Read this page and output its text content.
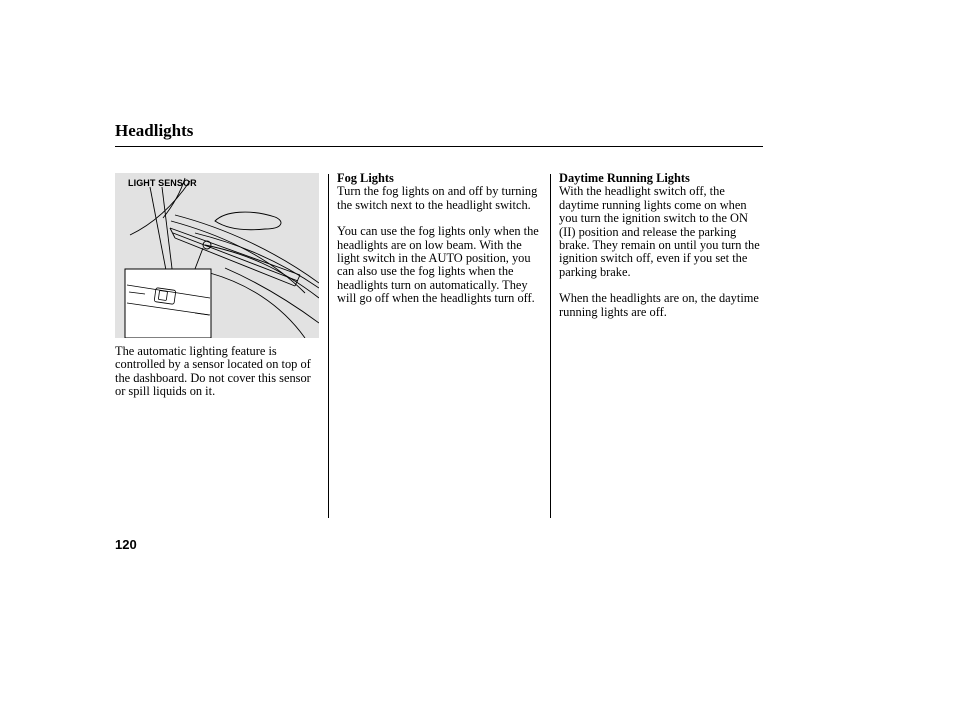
Headlights
LIGHT SENSOR

The automatic lighting feature is controlled by a sensor located on top of the dashboard. Do not cover this sensor or spill liquids on it.

Fog Lights

Turn the fog lights on and off by turning the switch next to the headlight switch.

You can use the fog lights only when the headlights are on low beam. With the light switch in the AUTO position, you can also use the fog lights when the headlights turn on automatically. They will go off when the headlights turn off.

Daytime Running Lights

With the headlight switch off, the daytime running lights come on when you turn the ignition switch to the ON (II) position and release the parking brake. They remain on until you turn the ignition switch off, even if you set the parking brake.

When the headlights are on, the daytime running lights are off.

120
